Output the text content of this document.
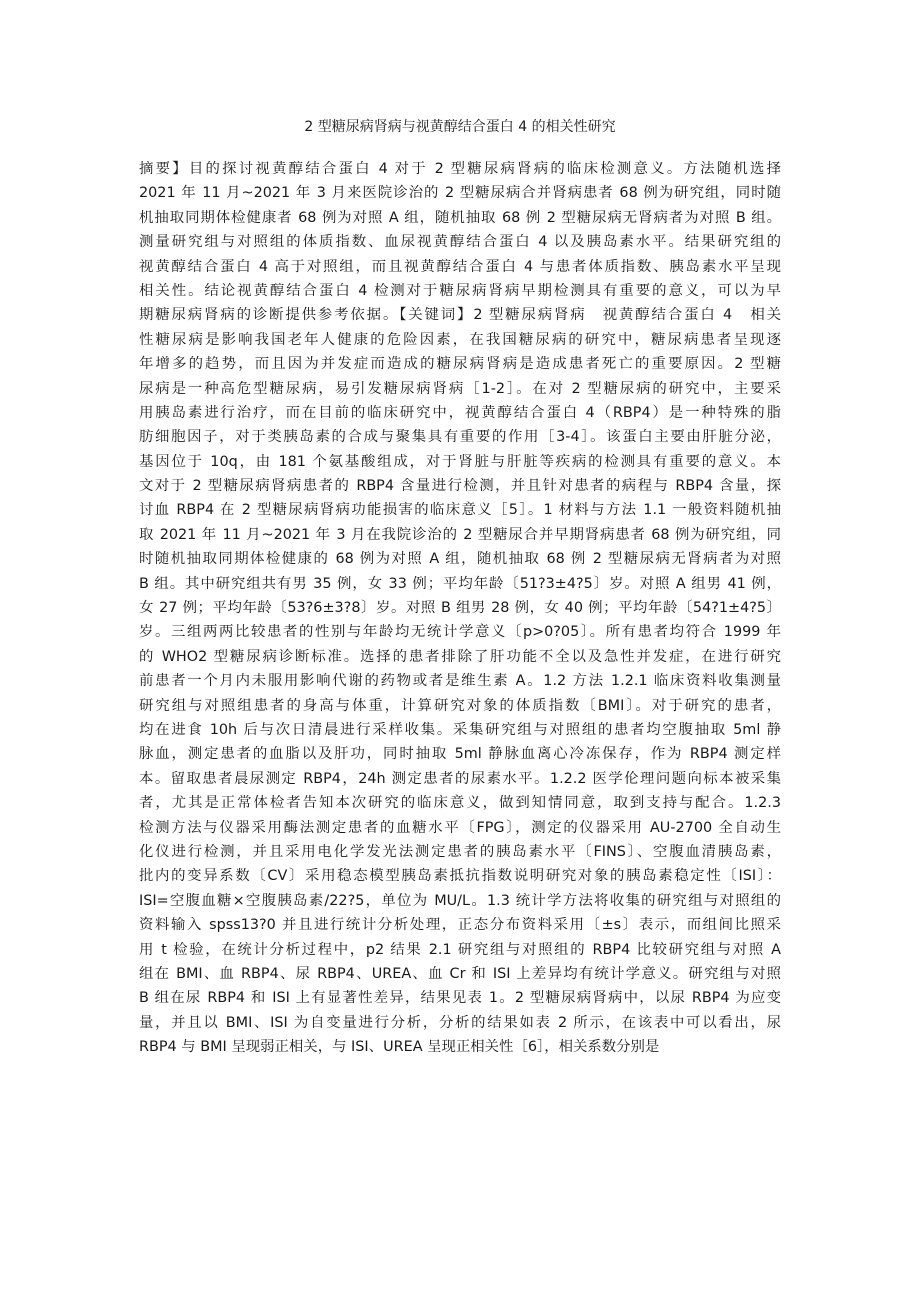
2 型糖尿病肾病与视黄醇结合蛋白 4 的相关性研究
摘要】目的探讨视黄醇结合蛋白 4 对于 2 型糖尿病肾病的临床检测意义。方法随机选择
2021 年 11 月~2021 年 3 月来医院诊治的 2 型糖尿病合并肾病患者 68 例为研究组，同时随
机抽取同期体检健康者 68 例为对照 A 组，随机抽取 68 例 2 型糖尿病无肾病者为对照 B 组。
测量研究组与对照组的体质指数、血尿视黄醇结合蛋白 4 以及胰岛素水平。结果研究组的
视黄醇结合蛋白 4 高于对照组，而且视黄醇结合蛋白 4 与患者体质指数、胰岛素水平呈现
相关性。结论视黄醇结合蛋白 4 检测对于糖尿病肾病早期检测具有重要的意义，可以为早
期糖尿病肾病的诊断提供参考依据。【关键词】2 型糖尿病肾病　视黄醇结合蛋白 4　相关
性糖尿病是影响我国老年人健康的危险因素，在我国糖尿病的研究中，糖尿病患者呈现逐
年增多的趋势，而且因为并发症而造成的糖尿病肾病是造成患者死亡的重要原因。2 型糖
尿病是一种高危型糖尿病，易引发糖尿病肾病［1-2］。在对 2 型糖尿病的研究中，主要采
用胰岛素进行治疗，而在目前的临床研究中，视黄醇结合蛋白 4（RBP4）是一种特殊的脂
肪细胞因子，对于类胰岛素的合成与聚集具有重要的作用［3-4］。该蛋白主要由肝脏分泌，
基因位于 10q，由 181 个氨基酸组成，对于肾脏与肝脏等疾病的检测具有重要的意义。本
文对于 2 型糖尿病肾病患者的 RBP4 含量进行检测，并且针对患者的病程与 RBP4 含量，探
讨血 RBP4 在 2 型糖尿病肾病功能损害的临床意义［5］。1 材料与方法 1.1 一般资料随机抽
取 2021 年 11 月~2021 年 3 月在我院诊治的 2 型糖尿合并早期肾病患者 68 例为研究组，同
时随机抽取同期体检健康的 68 例为对照 A 组，随机抽取 68 例 2 型糖尿病无肾病者为对照
B 组。其中研究组共有男 35 例，女 33 例；平均年龄〔51?3±4?5〕岁。对照 A 组男 41 例，
女 27 例；平均年龄〔53?6±3?8〕岁。对照 B 组男 28 例，女 40 例；平均年龄〔54?1±4?5〕
岁。三组两两比较患者的性别与年龄均无统计学意义〔p>0?05〕。所有患者均符合 1999 年
的 WHO2 型糖尿病诊断标准。选择的患者排除了肝功能不全以及急性并发症，在进行研究
前患者一个月内未服用影响代谢的药物或者是维生素 A。1.2 方法 1.2.1 临床资料收集测量
研究组与对照组患者的身高与体重，计算研究对象的体质指数〔BMI〕。对于研究的患者，
均在进食 10h 后与次日清晨进行采样收集。采集研究组与对照组的患者均空腹抽取 5ml 静
脉血，测定患者的血脂以及肝功，同时抽取 5ml 静脉血离心冷冻保存，作为 RBP4 测定样
本。留取患者晨尿测定 RBP4，24h 测定患者的尿素水平。1.2.2 医学伦理问题向标本被采集
者，尤其是正常体检者告知本次研究的临床意义，做到知情同意，取到支持与配合。1.2.3
检测方法与仪器采用酶法测定患者的血糖水平〔FPG〕，测定的仪器采用 AU-2700 全自动生
化仪进行检测，并且采用电化学发光法测定患者的胰岛素水平〔FINS〕、空腹血清胰岛素，
批内的变异系数〔CV〕采用稳态模型胰岛素抵抗指数说明研究对象的胰岛素稳定性〔ISI〕：
ISI=空腹血糖×空腹胰岛素/22?5，单位为 MU/L。1.3 统计学方法将收集的研究组与对照组的
资料输入 spss13?0 并且进行统计分析处理，正态分布资料采用〔±s〕表示，而组间比照采
用 t 检验，在统计分析过程中，p2 结果 2.1 研究组与对照组的 RBP4 比较研究组与对照 A
组在 BMI、血 RBP4、尿 RBP4、UREA、血 Cr 和 ISI 上差异均有统计学意义。研究组与对照
B 组在尿 RBP4 和 ISI 上有显著性差异，结果见表 1。2 型糖尿病肾病中，以尿 RBP4 为应变
量，并且以 BMI、ISI 为自变量进行分析，分析的结果如表 2 所示，在该表中可以看出，尿
RBP4 与 BMI 呈现弱正相关，与 ISI、UREA 呈现正相关性［6］，相关系数分别是
